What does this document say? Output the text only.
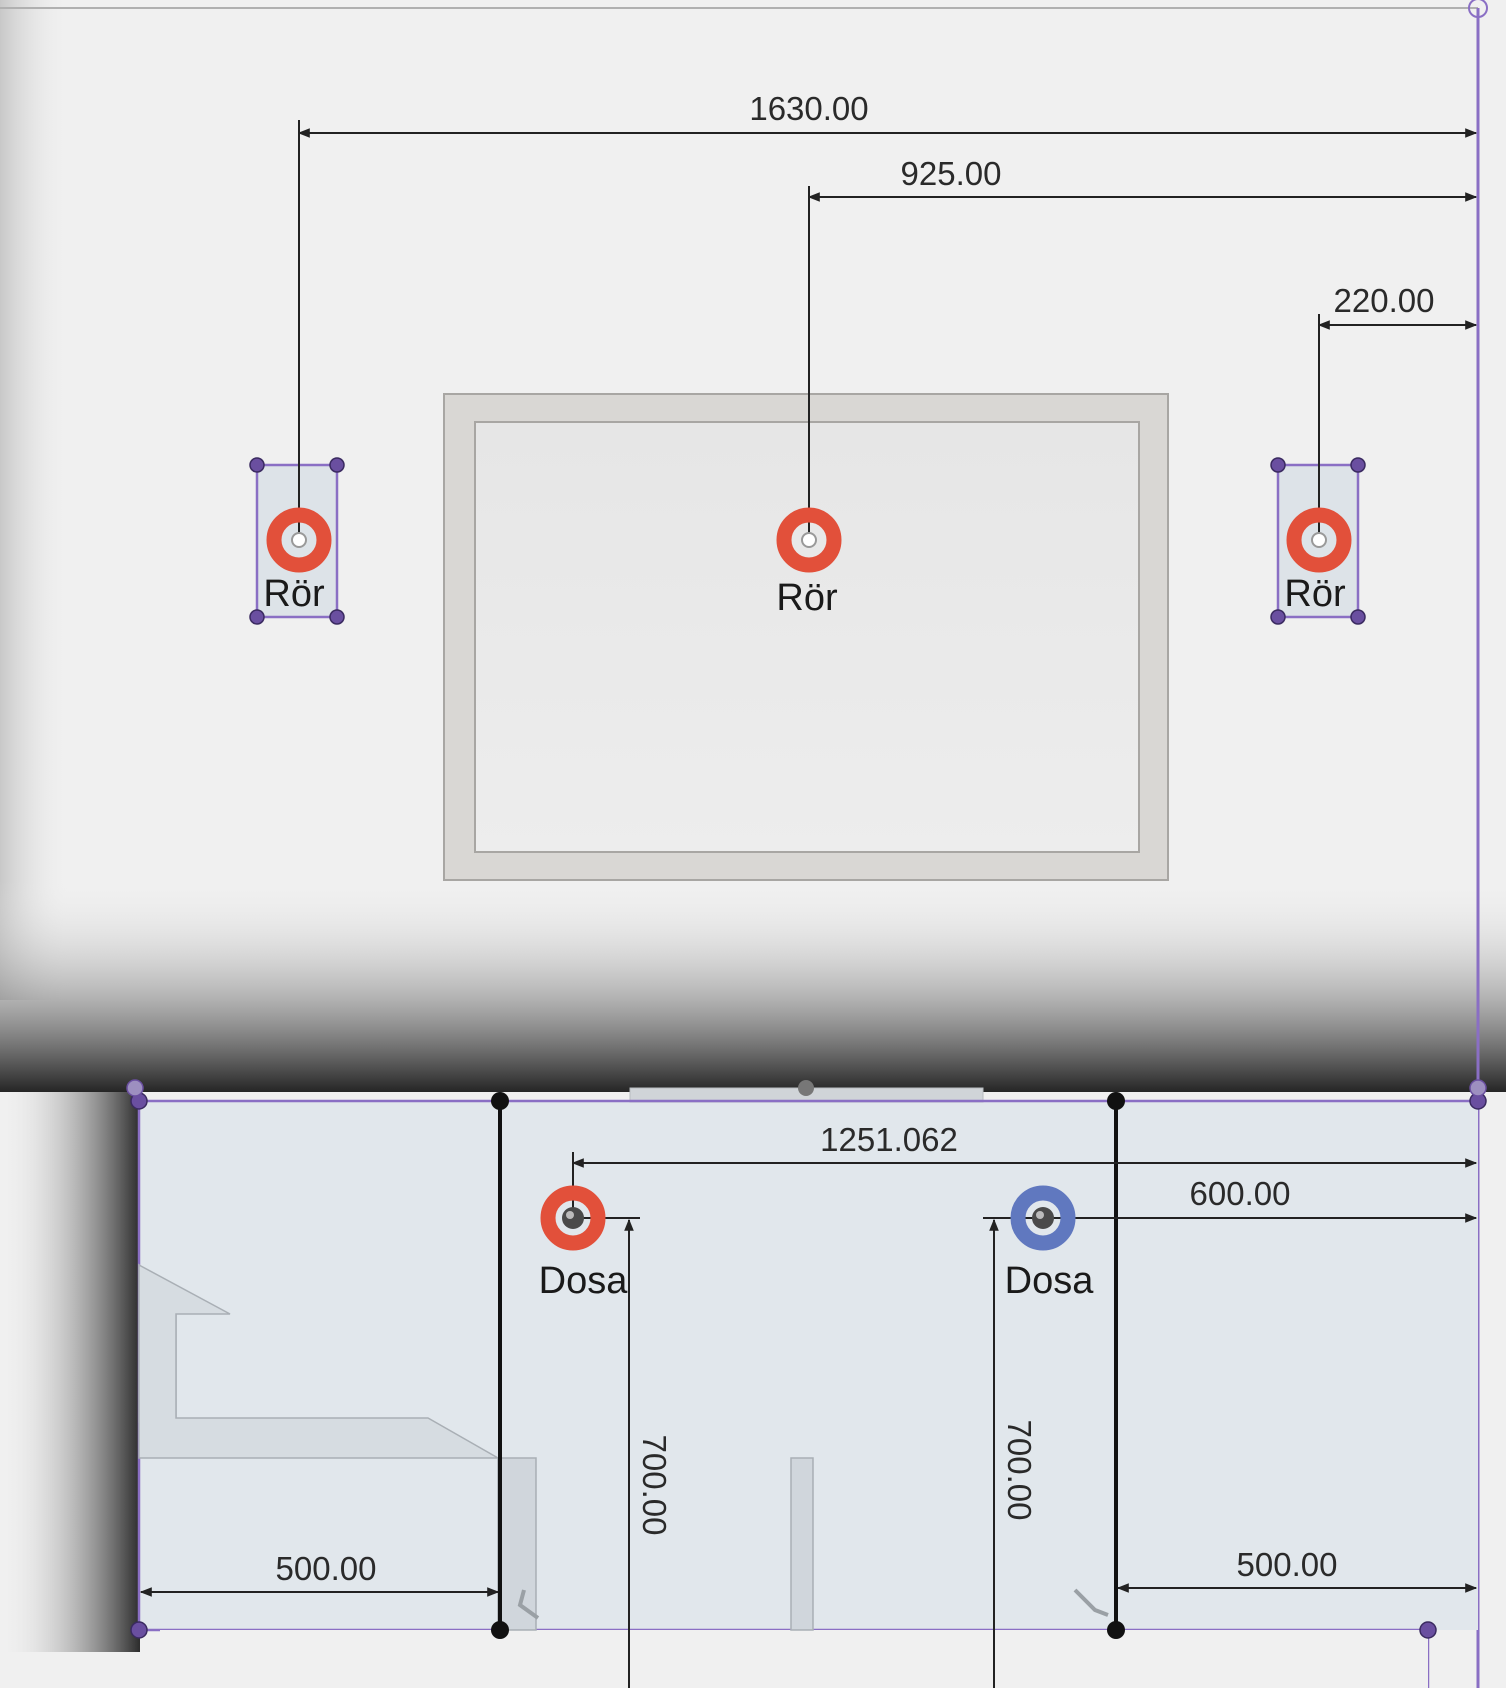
1630.00
925.00
220.00
Rör	Rör	Rör
1251.062
600.00
700.00	700.00
500.00	500.00
Dosa	Dosa
